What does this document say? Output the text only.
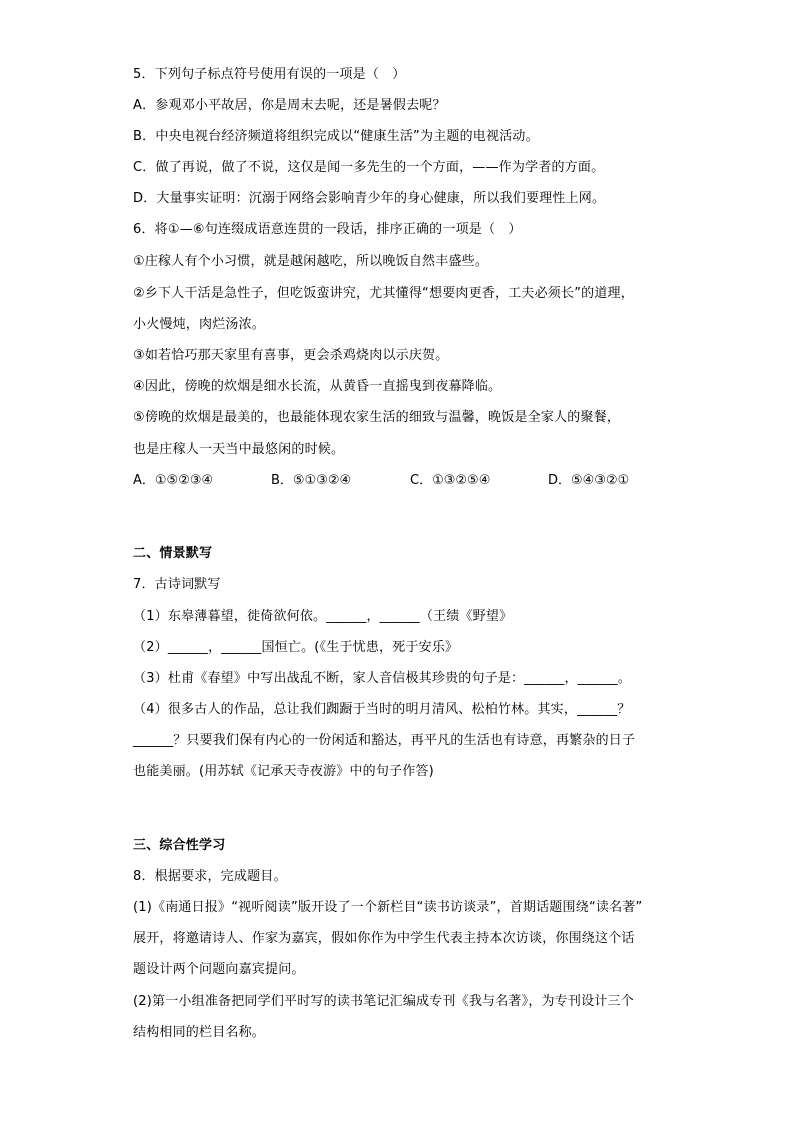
5．下列句子标点符号使用有误的一项是（　）
A．参观邓小平故居，你是周末去呢，还是暑假去呢？
B．中央电视台经济频道将组织完成以“健康生活”为主题的电视活动。
C．做了再说，做了不说，这仅是闻一多先生的一个方面，——作为学者的方面。
D．大量事实证明：沉溺于网络会影响青少年的身心健康，所以我们要理性上网。
6．将①—⑥句连缀成语意连贯的一段话，排序正确的一项是（　）
①庄稼人有个小习惯，就是越闲越吃，所以晚饭自然丰盛些。
②乡下人干活是急性子，但吃饭蛮讲究，尤其懂得“想要肉更香，工夫必须长”的道理，
小火慢炖，肉烂汤浓。
③如若恰巧那天家里有喜事，更会杀鸡烧肉以示庆贺。
④因此，傍晚的炊烟是细水长流，从黄昏一直摇曳到夜幕降临。
⑤傍晚的炊烟是最美的，也最能体现农家生活的细致与温馨，晚饭是全家人的聚餐，
也是庄稼人一天当中最悠闲的时候。
A．①⑤②③④	B．⑤①③②④	C．①③②⑤④	D．⑤④③②①
二、情景默写
7．古诗词默写
（1）东皋薄暮望，徙倚欲何依。______，______（王绩《野望》
（2）______，______国恒亡。(《生于忧患，死于安乐》
（3）杜甫《春望》中写出战乱不断，家人音信极其珍贵的句子是：______，______。
（4）很多古人的作品，总让我们踟蹰于当时的明月清风、松柏竹林。其实，______？
______？只要我们保有内心的一份闲适和豁达，再平凡的生活也有诗意，再繁杂的日子
也能美丽。(用苏轼《记承天寺夜游》中的句子作答)
三、综合性学习
8．根据要求，完成题目。
(1)《南通日报》“视听阅读”版开设了一个新栏目“读书访谈录”，首期话题围绕“读名著”
展开，将邀请诗人、作家为嘉宾，假如你作为中学生代表主持本次访谈，你围绕这个话
题设计两个问题向嘉宾提问。
(2)第一小组准备把同学们平时写的读书笔记汇编成专刊《我与名著》，为专刊设计三个
结构相同的栏目名称。
